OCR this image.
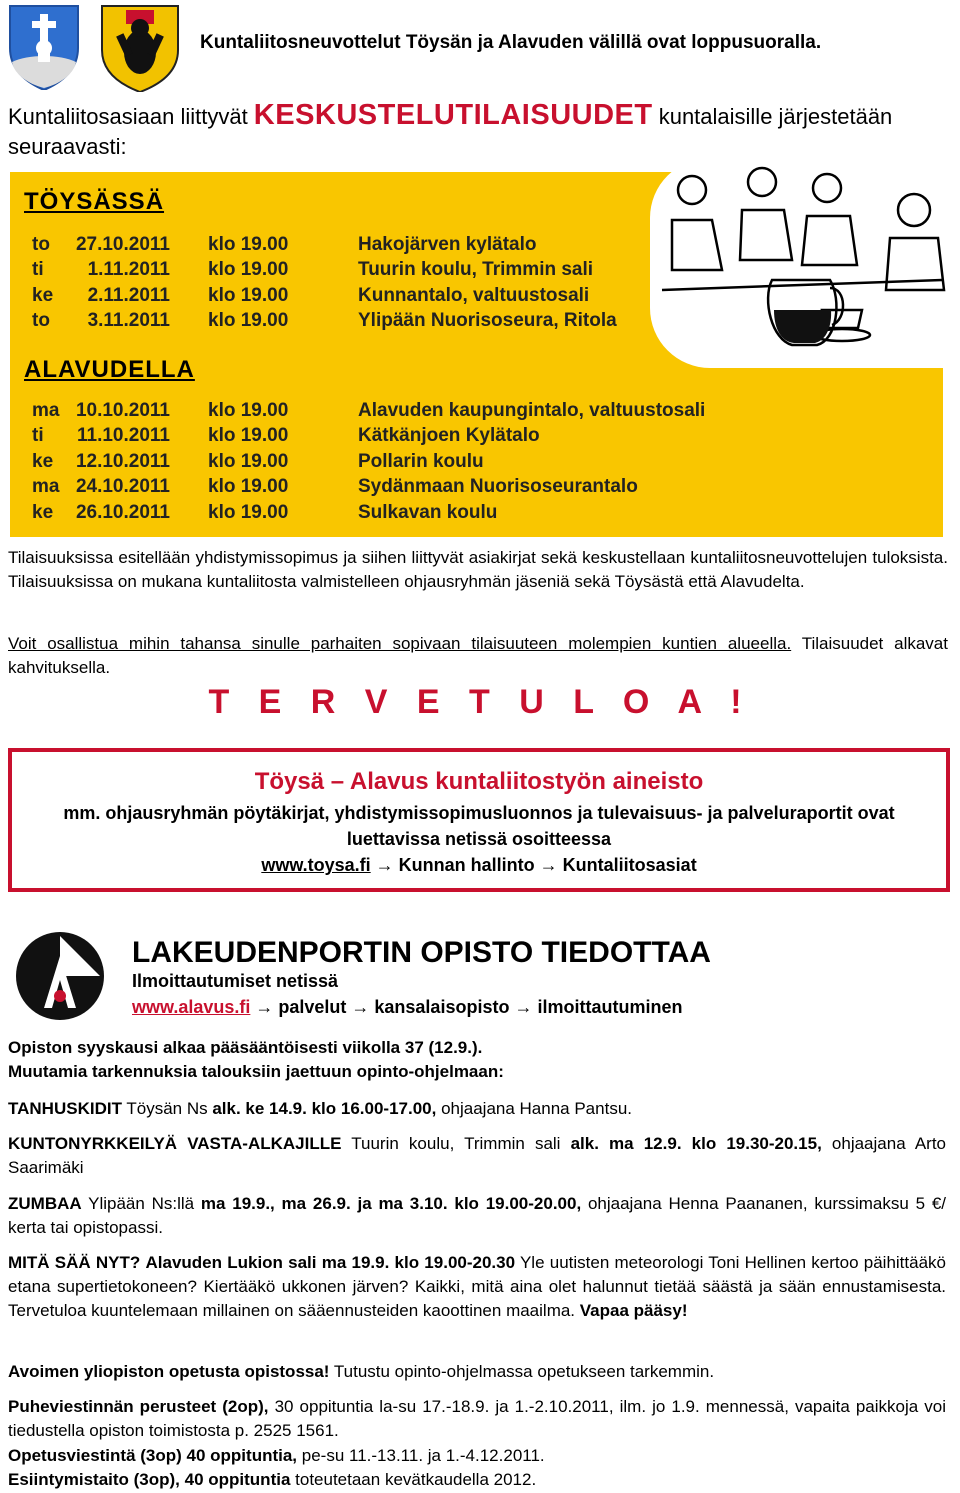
Kuntaliitosneuvottelut Töysän ja Alavuden välillä ovat loppusuoralla.
Kuntaliitosasiaan liittyvät KESKUSTELUTILAISUUDET kuntalaisille järjestetään seuraavasti:
TÖYSÄSSÄ
to	27.10.2011	klo 19.00	Hakojärven kylätalo
ti	1.11.2011	klo 19.00	Tuurin koulu, Trimmin sali
ke	2.11.2011	klo 19.00	Kunnantalo, valtuustosali
to	3.11.2011	klo 19.00	Ylipään Nuorisoseura, Ritola
ALAVUDELLA
ma	10.10.2011	klo 19.00	Alavuden kaupungintalo, valtuustosali
ti	11.10.2011	klo 19.00	Kätkänjoen Kylätalo
ke	12.10.2011	klo 19.00	Pollarin koulu
ma	24.10.2011	klo 19.00	Sydänmaan Nuorisoseurantalo
ke	26.10.2011	klo 19.00	Sulkavan koulu
Tilaisuuksissa esitellään yhdistymissopimus ja siihen liittyvät asiakirjat sekä keskustellaan kuntaliitosneuvottelujen tuloksista. Tilaisuuksissa on mukana kuntaliitosta valmistelleen ohjausryhmän jäseniä sekä Töysästä että Alavudelta.
Voit osallistua mihin tahansa sinulle parhaiten sopivaan tilaisuuteen molempien kuntien alueella. Tilaisuudet alkavat kahvituksella.
T E R V E T U L O A !
Töysä – Alavus kuntaliitostyön aineisto
mm. ohjausryhmän pöytäkirjat, yhdistymissopimusluonnos ja tulevaisuus- ja palveluraportit ovat luettavissa netissä osoitteessa
www.toysa.fi → Kunnan hallinto → Kuntaliitosasiat
LAKEUDENPORTIN OPISTO TIEDOTTAA
Ilmoittautumiset netissä
www.alavus.fi → palvelut → kansalaisopisto → ilmoittautuminen
Opiston syyskausi alkaa pääsääntöisesti viikolla 37 (12.9.).
Muutamia tarkennuksia talouksiin jaettuun opinto-ohjelmaan:
TANHUSKIDIT Töysän Ns alk. ke 14.9. klo 16.00-17.00, ohjaajana Hanna Pantsu.
KUNTONYRKKEILYÄ VASTA-ALKAJILLE Tuurin koulu, Trimmin sali alk. ma 12.9. klo 19.30-20.15, ohjaajana Arto Saarimäki
ZUMBAA Ylipään Ns:llä ma 19.9., ma 26.9. ja ma 3.10. klo 19.00-20.00, ohjaajana Henna Paananen, kurssimaksu 5 €/ kerta tai opistopassi.
MITÄ SÄÄ NYT? Alavuden Lukion sali ma 19.9. klo 19.00-20.30 Yle uutisten meteorologi Toni Hellinen kertoo päihittääkö etana supertietokoneen? Kiertääkö ukkonen järven? Kaikki, mitä aina olet halunnut tietää säästä ja sään ennustamisesta. Tervetuloa kuuntelemaan millainen on sääennusteiden kaoottinen maailma. Vapaa pääsy!
Avoimen yliopiston opetusta opistossa! Tutustu opinto-ohjelmassa opetukseen tarkemmin.
Puheviestinnän perusteet (2op), 30 oppituntia la-su 17.-18.9. ja 1.-2.10.2011, ilm. jo 1.9. mennessä, vapaita paikkoja voi tiedustella opiston toimistosta p. 2525 1561.
Opetusviestintä (3op) 40 oppituntia, pe-su 11.-13.11. ja 1.-4.12.2011.
Esiintymistaito (3op), 40 oppituntia toteutetaan kevätkaudella 2012.
